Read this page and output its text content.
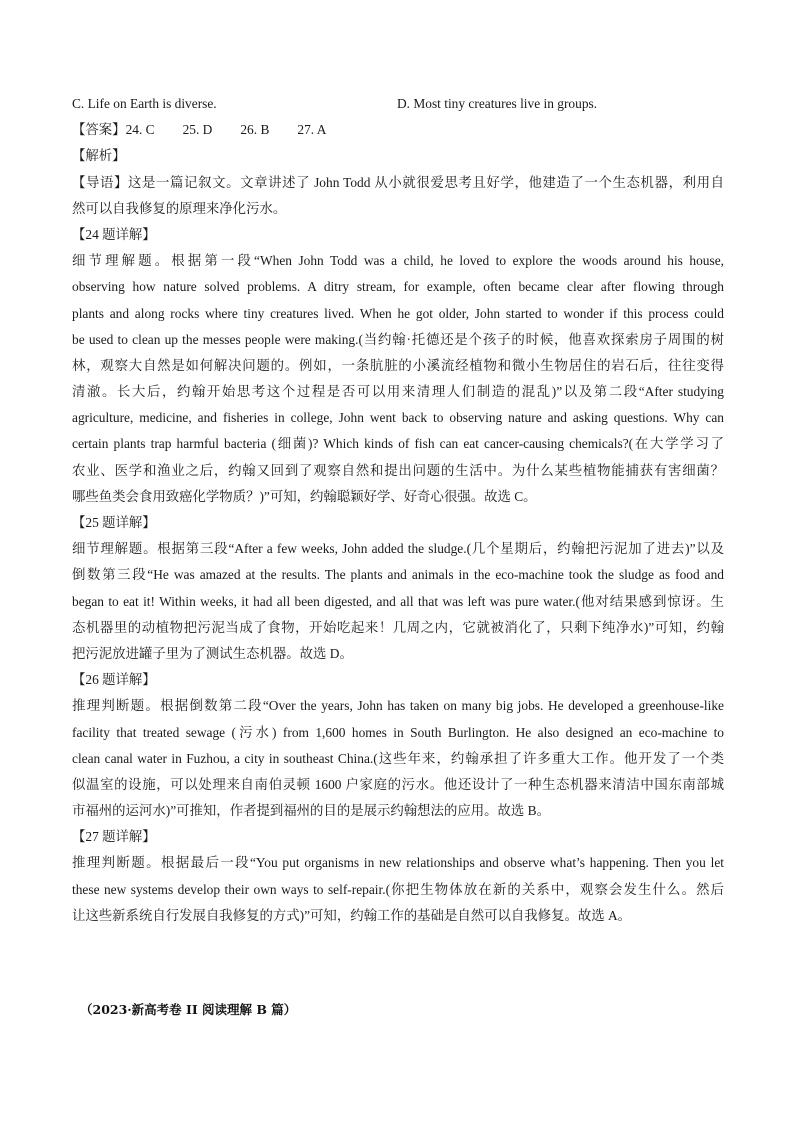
C. Life on Earth is diverse.	D. Most tiny creatures live in groups.
【答案】24. C 25. D 26. B 27. A
【解析】
【导语】这是一篇记叙文。文章讲述了 John Todd 从小就很爱思考且好学，他建造了一个生态机器，利用自
然可以自我修复的原理来净化污水。
【24 题详解】
细节理解题。根据第一段“When John Todd was a child, he loved to explore the woods around his house,
observing how nature solved problems. A ditry stream, for example, often became clear after flowing through
plants and along rocks where tiny creatures lived. When he got older, John started to wonder if this process could
be used to clean up the messes people were making.(当约翰·托德还是个孩子的时候，他喜欢探索房子周围的树
林，观察大自然是如何解决问题的。例如，一条肮脏的小溪流经植物和微小生物居住的岩石后，往往变得
清澈。长大后，约翰开始思考这个过程是否可以用来清理人们制造的混乱)”以及第二段“After studying
agriculture, medicine, and fisheries in college, John went back to observing nature and asking questions. Why can
certain plants trap harmful bacteria (细菌)? Which kinds of fish can eat cancer-causing chemicals?(在大学学习了
农业、医学和渔业之后，约翰又回到了观察自然和提出问题的生活中。为什么某些植物能捕获有害细菌？
哪些鱼类会食用致癌化学物质？)”可知，约翰聪颖好学、好奇心很强。故选 C。
【25 题详解】
细节理解题。根据第三段“After a few weeks, John added the sludge.(几个星期后，约翰把污泥加了进去)”以及
倒数第三段“He was amazed at the results. The plants and animals in the eco-machine took the sludge as food and
began to eat it! Within weeks, it had all been digested, and all that was left was pure water.(他对结果感到惊讶。生
态机器里的动植物把污泥当成了食物，开始吃起来！几周之内，它就被消化了，只剩下纯净水)”可知，约翰
把污泥放进罐子里为了测试生态机器。故选 D。
【26 题详解】
推理判断题。根据倒数第二段“Over the years, John has taken on many big jobs. He developed a greenhouse-like
facility that treated sewage (污水) from 1,600 homes in South Burlington. He also designed an eco-machine to
clean canal water in Fuzhou, a city in southeast China.(这些年来，约翰承担了许多重大工作。他开发了一个类
似温室的设施，可以处理来自南伯灵顿 1600 户家庭的污水。他还设计了一种生态机器来清洁中国东南部城
市福州的运河水)”可推知，作者提到福州的目的是展示约翰想法的应用。故选 B。
【27 题详解】
推理判断题。根据最后一段“You put organisms in new relationships and observe what’s happening. Then you let
these new systems develop their own ways to self-repair.(你把生物体放在新的关系中，观察会发生什么。然后
让这些新系统自行发展自我修复的方式)”可知，约翰工作的基础是自然可以自我修复。故选 A。
（2023·新高考卷 II 阅读理解 B 篇）
